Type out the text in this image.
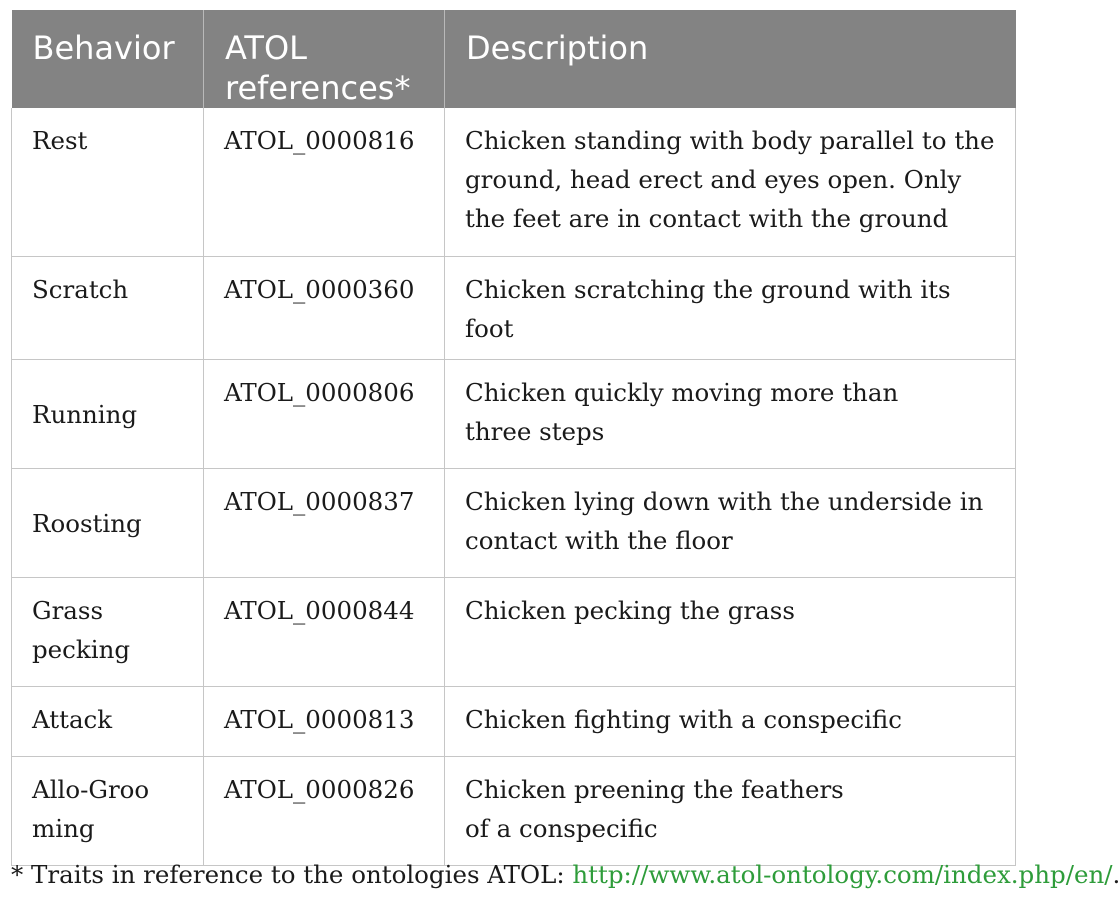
Behavior	ATOL references*	Description
Rest	ATOL_0000816	Chicken standing with body parallel to the ground, head erect and eyes open. Only the feet are in contact with the ground
Scratch	ATOL_0000360	Chicken scratching the ground with its foot
Running	ATOL_0000806	Chicken quickly moving more than three steps
Roosting	ATOL_0000837	Chicken lying down with the underside in contact with the floor
Grass pecking	ATOL_0000844	Chicken pecking the grass
Attack	ATOL_0000813	Chicken fighting with a conspecific
Allo-Grooming	ATOL_0000826	Chicken preening the feathers of a conspecific
* Traits in reference to the ontologies ATOL: http://www.atol-ontology.com/index.php/en/.
